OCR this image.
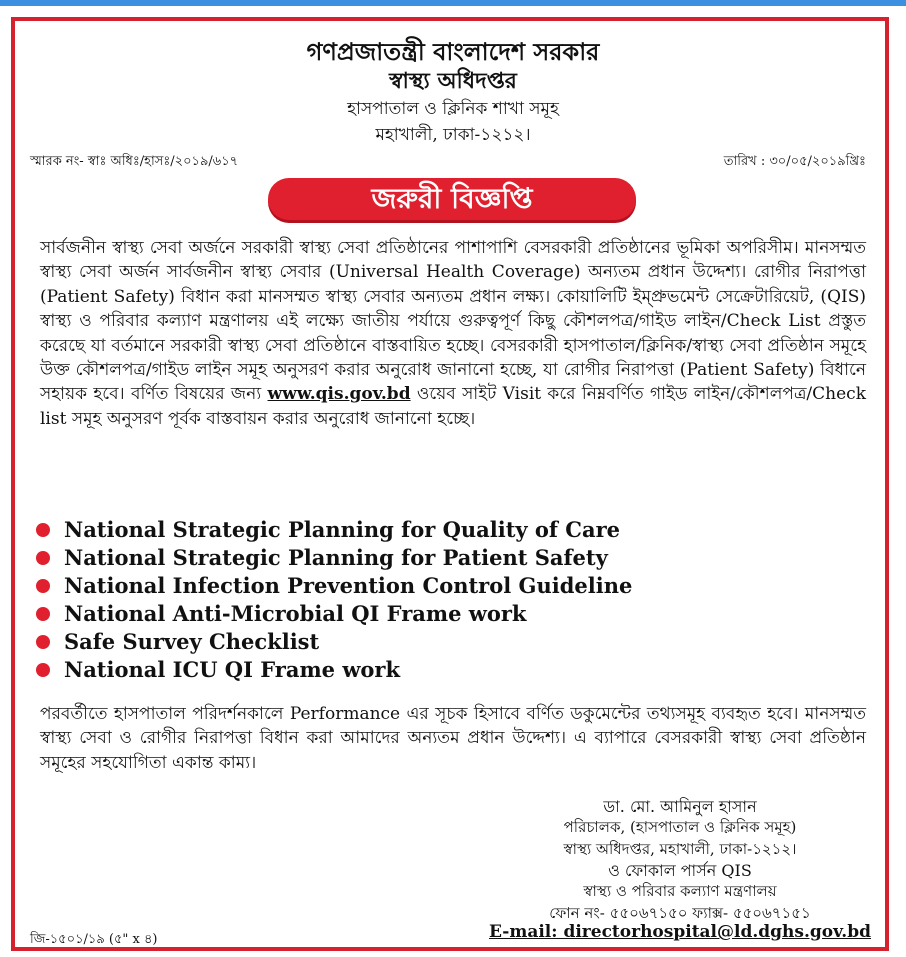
গণপ্রজাতন্ত্রী বাংলাদেশ সরকার
স্বাস্থ্য অধিদপ্তর
হাসপাতাল ও ক্লিনিক শাখা সমূহ
মহাখালী, ঢাকা-১২১২।
স্মারক নং- স্বাঃ অধিঃ/হাসঃ/২০১৯/৬১৭	তারিখ : ৩০/০৫/২০১৯খ্রিঃ
জরুরী বিজ্ঞপ্তি
সার্বজনীন স্বাস্থ্য সেবা অর্জনে সরকারী স্বাস্থ্য সেবা প্রতিষ্ঠানের পাশাপাশি বেসরকারী প্রতিষ্ঠানের ভূমিকা অপরিসীম। মানসম্মত স্বাস্থ্য সেবা অর্জন সার্বজনীন স্বাস্থ্য সেবার (Universal Health Coverage) অন্যতম প্রধান উদ্দেশ্য। রোগীর নিরাপত্তা (Patient Safety) বিধান করা মানসম্মত স্বাস্থ্য সেবার অন্যতম প্রধান লক্ষ্য। কোয়ালিটি ইম্প্রুভমেন্ট সেক্রেটারিয়েট, (QIS) স্বাস্থ্য ও পরিবার কল্যাণ মন্ত্রণালয় এই লক্ষ্যে জাতীয় পর্যায়ে গুরুত্বপূর্ণ কিছু কৌশলপত্র/গাইড লাইন/Check List প্রস্তুত করেছে যা বর্তমানে সরকারী স্বাস্থ্য সেবা প্রতিষ্ঠানে বাস্তবায়িত হচ্ছে। বেসরকারী হাসপাতাল/ক্লিনিক/স্বাস্থ্য সেবা প্রতিষ্ঠান সমূহে উক্ত কৌশলপত্র/গাইড লাইন সমূহ অনুসরণ করার অনুরোধ জানানো হচ্ছে, যা রোগীর নিরাপত্তা (Patient Safety) বিধানে সহায়ক হবে। বর্ণিত বিষয়ের জন্য www.qis.gov.bd ওয়েব সাইট Visit করে নিম্নবর্ণিত গাইড লাইন/কৌশলপত্র/Check list সমূহ অনুসরণ পূর্বক বাস্তবায়ন করার অনুরোধ জানানো হচ্ছে।
National Strategic Planning for Quality of Care
National Strategic Planning for Patient Safety
National Infection Prevention Control Guideline
National Anti-Microbial QI Frame work
Safe Survey Checklist
National ICU QI Frame work
পরবর্তীতে হাসপাতাল পরিদর্শনকালে Performance এর সূচক হিসাবে বর্ণিত ডকুমেন্টের তথ্যসমূহ ব্যবহৃত হবে। মানসম্মত স্বাস্থ্য সেবা ও রোগীর নিরাপত্তা বিধান করা আমাদের অন্যতম প্রধান উদ্দেশ্য। এ ব্যাপারে বেসরকারী স্বাস্থ্য সেবা প্রতিষ্ঠান সমূহের সহযোগিতা একান্ত কাম্য।
ডা. মো. আমিনুল হাসান
পরিচালক, (হাসপাতাল ও ক্লিনিক সমূহ)
স্বাস্থ্য অধিদপ্তর, মহাখালী, ঢাকা-১২১২।
ও ফোকাল পার্সন QIS
স্বাস্থ্য ও পরিবার কল্যাণ মন্ত্রণালয়
ফোন নং- ৫৫০৬৭১৫০ ফ্যাক্স- ৫৫০৬৭১৫১
E-mail: directorhospital@ld.dghs.gov.bd
জি-১৫০১/১৯ (৫" x ৪)
